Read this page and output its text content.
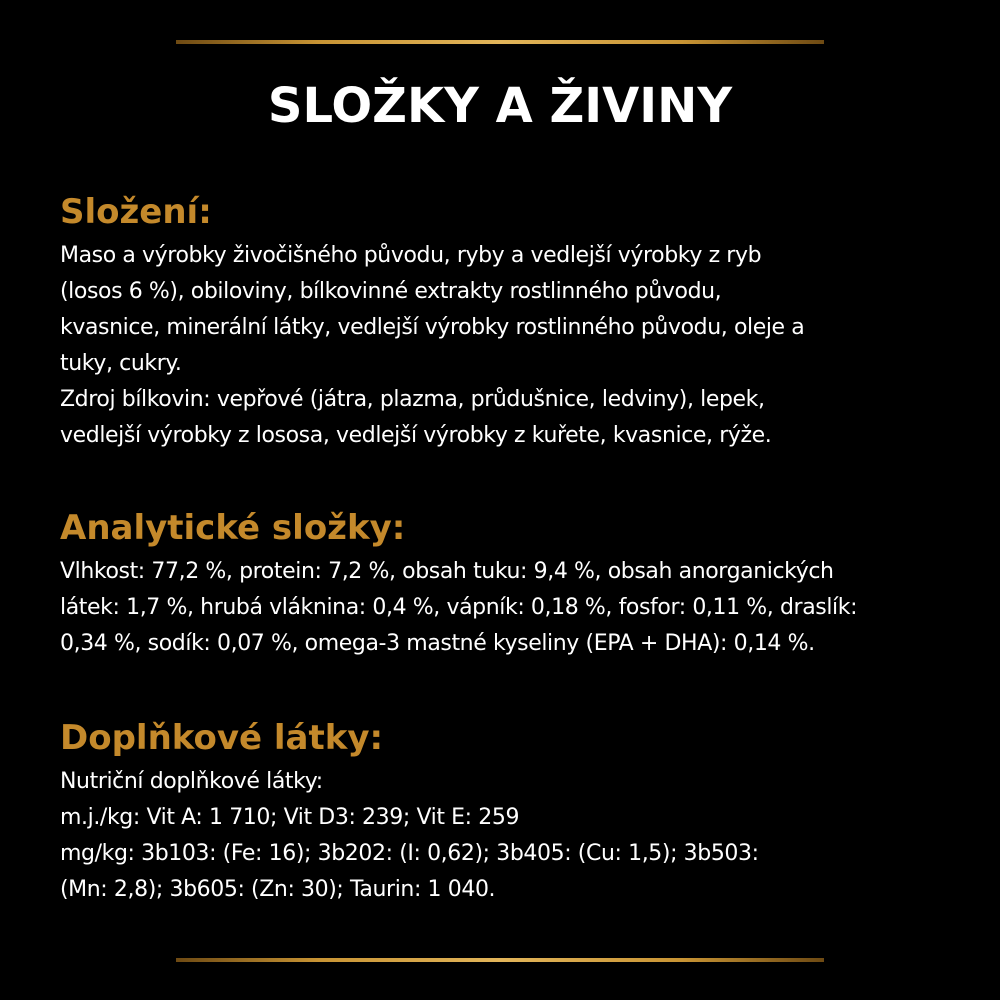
SLOŽKY A ŽIVINY

Složení:

Maso a výrobky živočišného původu, ryby a vedlejší výrobky z ryb
(losos 6 %), obiloviny, bílkovinné extrakty rostlinného původu,
kvasnice, minerální látky, vedlejší výrobky rostlinného původu, oleje a
tuky, cukry.
Zdroj bílkovin: vepřové (játra, plazma, průdušnice, ledviny), lepek,
vedlejší výrobky z lososa, vedlejší výrobky z kuřete, kvasnice, rýže.

Analytické složky:

Vlhkost: 77,2 %, protein: 7,2 %, obsah tuku: 9,4 %, obsah anorganických
látek: 1,7 %, hrubá vláknina: 0,4 %, vápník: 0,18 %, fosfor: 0,11 %, draslík:
0,34 %, sodík: 0,07 %, omega-3 mastné kyseliny (EPA + DHA): 0,14 %.

Doplňkové látky:

Nutriční doplňkové látky:
m.j./kg: Vit A: 1 710; Vit D3: 239; Vit E: 259
mg/kg: 3b103: (Fe: 16); 3b202: (I: 0,62); 3b405: (Cu: 1,5); 3b503:
(Mn: 2,8); 3b605: (Zn: 30); Taurin: 1 040.
